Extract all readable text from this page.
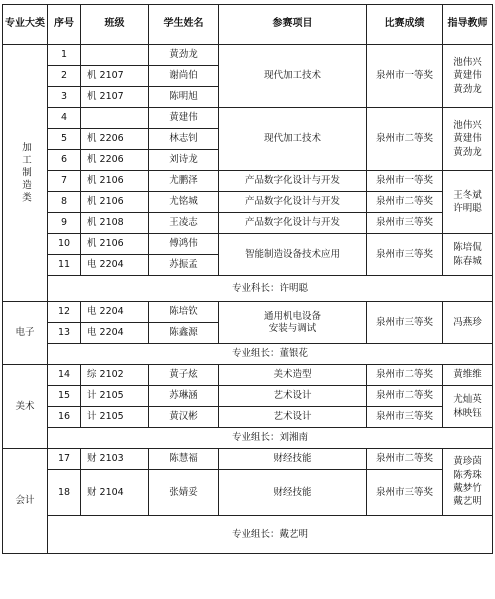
专业大类	序号	班级	学生姓名	参赛项目	比赛成绩	指导教师

加工制造类	1		黄劲龙	现代加工技术	泉州市一等奖	池伟兴
黄建伟
黄劲龙

	2	机 2107	谢尚伯			
	3	机 2107	陈明旭			
	4		黄建伟	现代加工技术	泉州市二等奖	池伟兴
黄建伟
黄劲龙

	5	机 2206	林志钊			
	6	机 2206	刘诗龙			
	7	机 2106	尤鹏泽	产品数字化设计与开发	泉州市一等奖	王冬斌
许明聪

	8	机 2106	尤铭城	产品数字化设计与开发	泉州市二等奖	
	9	机 2108	王凌志	产品数字化设计与开发	泉州市三等奖	
	10	机 2106	傅鸿伟	智能制造设备技术应用	泉州市三等奖	陈培侃
陈春城

	11	电 2204	苏振孟			
	专业科长：许明聪					
电子	12	电 2204	陈培钦	通用机电设备
安装与调试	泉州市三等奖	冯燕珍
	13	电 2204	陈鑫源			
	专业组长：董银花					
美术	14	综 2102	黄子炫	美术造型	泉州市二等奖	黄维维
	15	计 2105	苏琳涵	艺术设计	泉州市二等奖	尤灿英
林映钰

	16	计 2105	黄汉彬	艺术设计	泉州市三等奖	
	专业组长：刘湘南					
会计	17	财 2103	陈慧福	财经技能	泉州市二等奖	黄珍茵
陈秀珠
戴梦竹
戴艺明

	18	财 2104	张婧妥	财经技能	泉州市三等奖	
	专业组长：戴艺明					
